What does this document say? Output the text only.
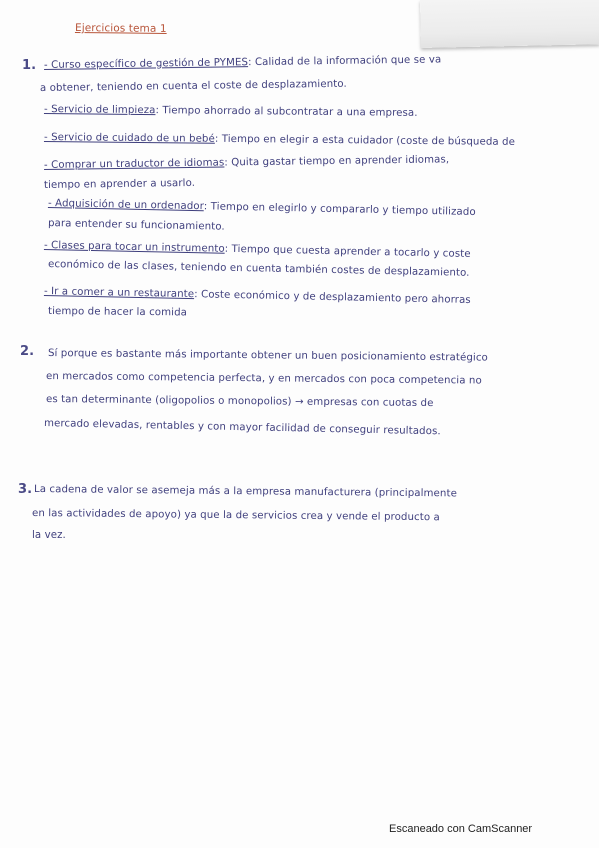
Ejercicios tema 1
1. - Curso específico de gestión de PYMES: Calidad de la información que se va
a obtener, teniendo en cuenta el coste de desplazamiento.
- Servicio de limpieza: Tiempo ahorrado al subcontratar a una empresa.
- Servicio de cuidado de un bebé: Tiempo en elegir a esta cuidador (coste de búsqueda de
- Comprar un traductor de idiomas: Quita gastar tiempo en aprender idiomas,
tiempo en aprender a usarlo.
- Adquisición de un ordenador: Tiempo en elegirlo y compararlo y tiempo utilizado
para entender su funcionamiento.
- Clases para tocar un instrumento: Tiempo que cuesta aprender a tocarlo y coste
económico de las clases, teniendo en cuenta también costes de desplazamiento.
- Ir a comer a un restaurante: Coste económico y de desplazamiento pero ahorras
tiempo de hacer la comida
2. Sí porque es bastante más importante obtener un buen posicionamiento estratégico
en mercados como competencia perfecta, y en mercados con poca competencia no
es tan determinante (oligopolios o monopolios) → empresas con cuotas de
mercado elevadas, rentables y con mayor facilidad de conseguir resultados.
3. La cadena de valor se asemeja más a la empresa manufacturera (principalmente
en las actividades de apoyo) ya que la de servicios crea y vende el producto a
la vez.
Escaneado con CamScanner
